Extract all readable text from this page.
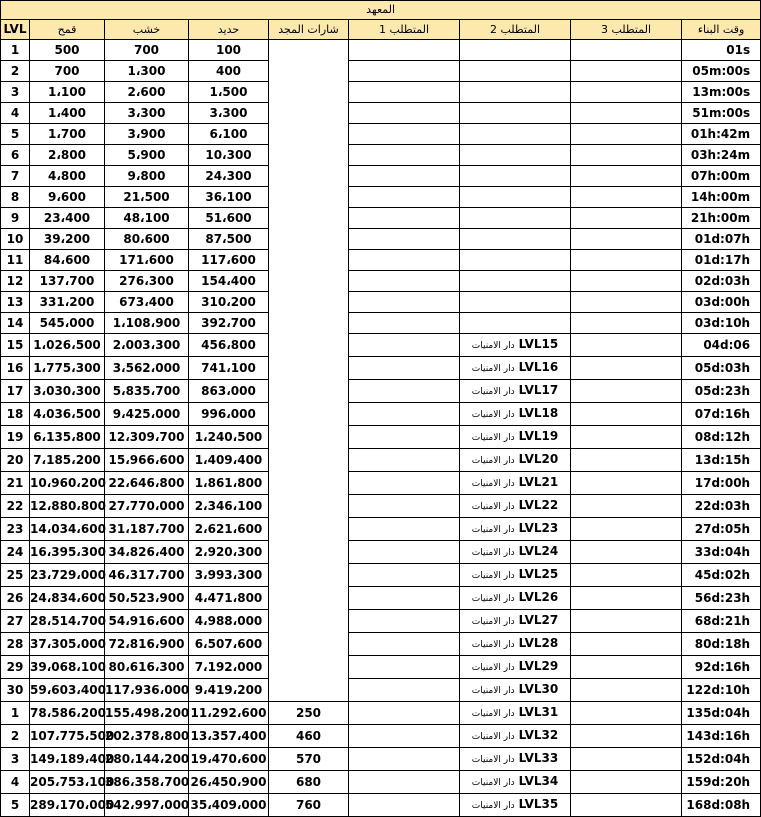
المعهد								
LVL	قمح	خشب	حديد	شارات المجد	المتطلب 1	المتطلب 2	المتطلب 3	وقت البناء
1	500	700	100					01s
2	700	1،300	400					05m:00s
3	1،100	2،600	1،500					13m:00s
4	1،400	3،300	3،300					51m:00s
5	1،700	3،900	6،100					01h:42m
6	2،800	5،900	10،300					03h:24m
7	4،800	9،800	24،300					07h:00m
8	9،600	21،500	36،100					14h:00m
9	23،400	48،100	51،600					21h:00m
10	39،200	80،600	87،500					01d:07h
11	84،600	171،600	117،600					01d:17h
12	137،700	276،300	154،400					02d:03h
13	331،200	673،400	310،200					03d:00h
14	545،000	1،108،900	392،700					03d:10h
15	1،026،500	2،003،300	456،800			دار الامنيات LVL15		04d:06
16	1،775،300	3،562،000	741،100			دار الامنيات LVL16		05d:03h
17	3،030،300	5،835،700	863،000			دار الامنيات LVL17		05d:23h
18	4،036،500	9،425،000	996،000			دار الامنيات LVL18		07d:16h
19	6،135،800	12،309،700	1،240،500			دار الامنيات LVL19		08d:12h
20	7،185،200	15،966،600	1،409،400			دار الامنيات LVL20		13d:15h
21	10،960،200	22،646،800	1،861،800			دار الامنيات LVL21		17d:00h
22	12،880،800	27،770،000	2،346،100			دار الامنيات LVL22		22d:03h
23	14،034،600	31،187،700	2،621،600			دار الامنيات LVL23		27d:05h
24	16،395،300	34،826،400	2،920،300			دار الامنيات LVL24		33d:04h
25	23،729،000	46،317،700	3،993،300			دار الامنيات LVL25		45d:02h
26	24،834،600	50،523،900	4،471،800			دار الامنيات LVL26		56d:23h
27	28،514،700	54،916،600	4،988،000			دار الامنيات LVL27		68d:21h
28	37،305،000	72،816،900	6،507،600			دار الامنيات LVL28		80d:18h
29	39،068،100	80،616،300	7،192،000			دار الامنيات LVL29		92d:16h
30	59،603،400	117،936،000	9،419،200			دار الامنيات LVL30		122d:10h
1	78،586،200	155،498،200	11،292،600	250		دار الامنيات LVL31		135d:04h
2	107،775،500	202،378،800	13،357،400	460		دار الامنيات LVL32		143d:16h
3	149،189،400	280،144،200	19،470،600	570		دار الامنيات LVL33		152d:04h
4	205،753،100	386،358،700	26،450،900	680		دار الامنيات LVL34		159d:20h
5	289،170،000	542،997،000	35،409،000	760		دار الامنيات LVL35		168d:08h
